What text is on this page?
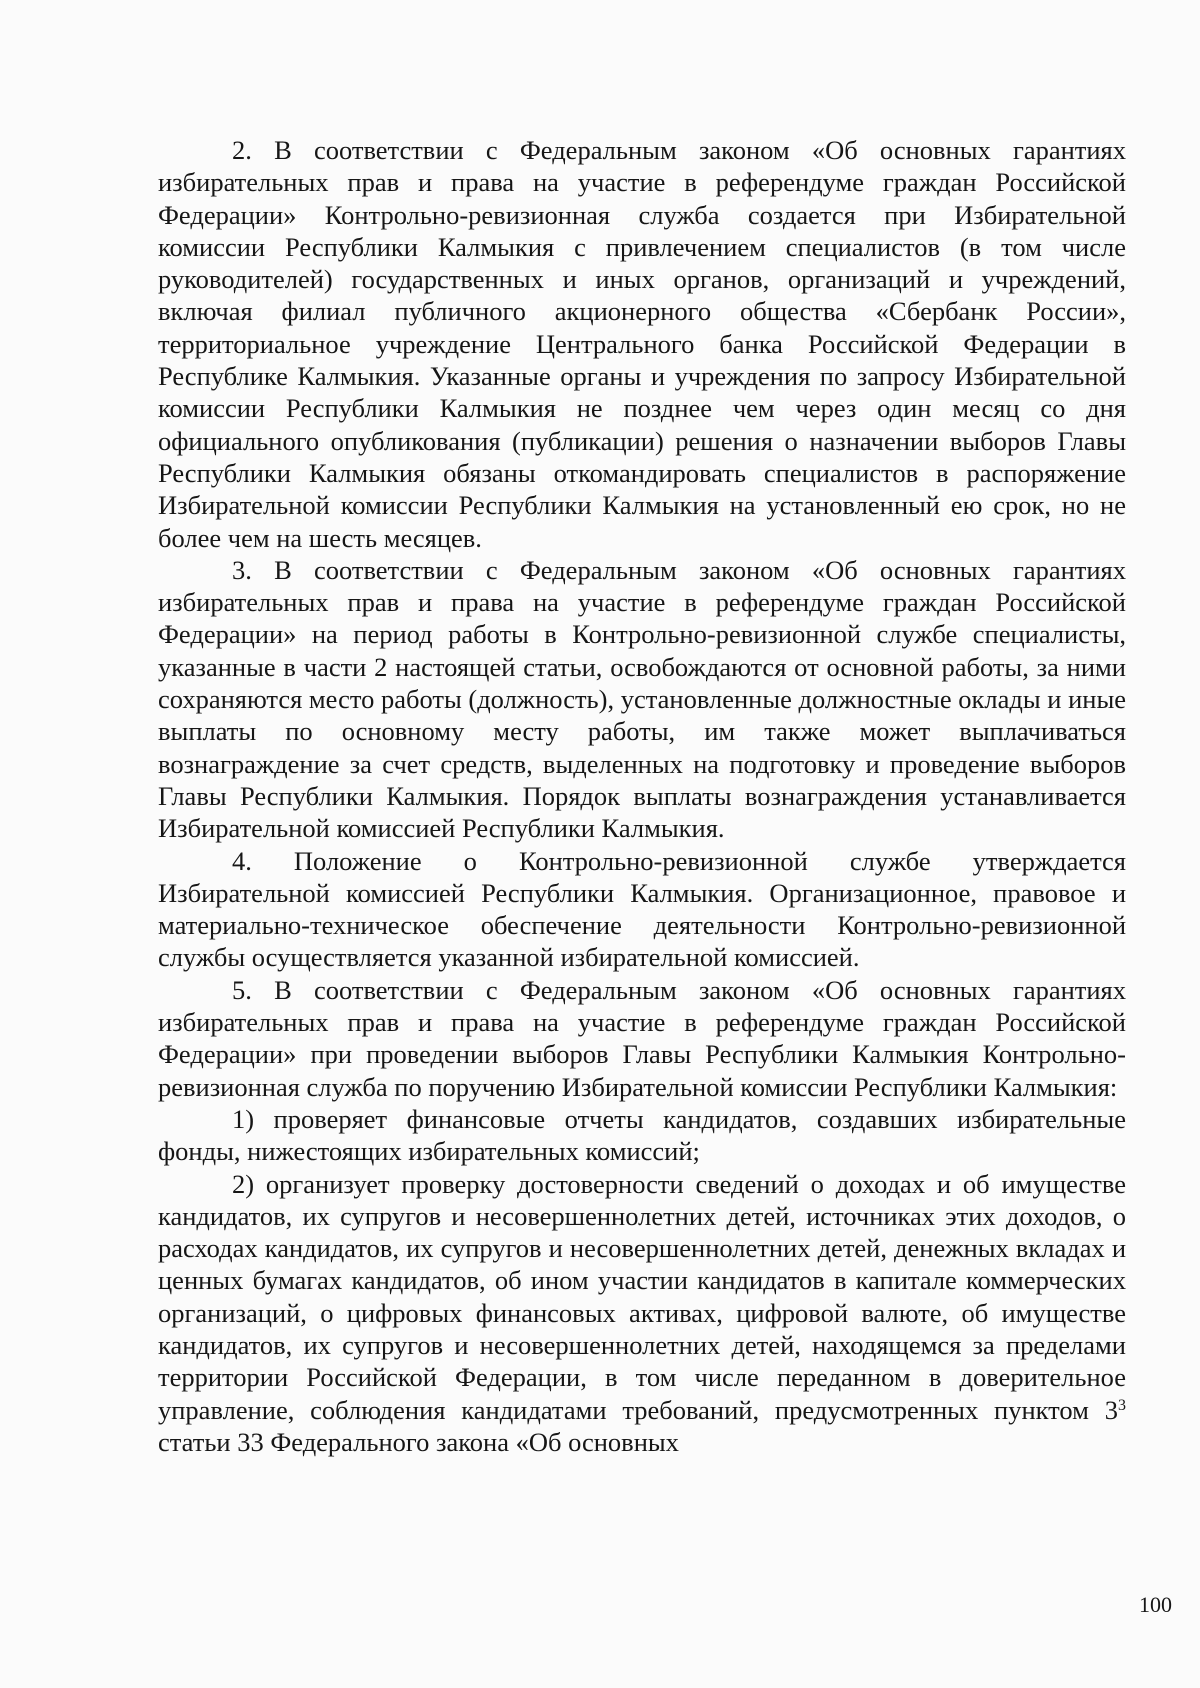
2. В соответствии с Федеральным законом «Об основных гарантиях избирательных прав и права на участие в референдуме граждан Российской Федерации» Контрольно-ревизионная служба создается при Избирательной комиссии Республики Калмыкия с привлечением специалистов (в том числе руководителей) государственных и иных органов, организаций и учреждений, включая филиал публичного акционерного общества «Сбербанк России», территориальное учреждение Центрального банка Российской Федерации в Республике Калмыкия. Указанные органы и учреждения по запросу Избирательной комиссии Республики Калмыкия не позднее чем через один месяц со дня официального опубликования (публикации) решения о назначении выборов Главы Республики Калмыкия обязаны откомандировать специалистов в распоряжение Избирательной комиссии Республики Калмыкия на установленный ею срок, но не более чем на шесть месяцев.

3. В соответствии с Федеральным законом «Об основных гарантиях избирательных прав и права на участие в референдуме граждан Российской Федерации» на период работы в Контрольно-ревизионной службе специалисты, указанные в части 2 настоящей статьи, освобождаются от основной работы, за ними сохраняются место работы (должность), установленные должностные оклады и иные выплаты по основному месту работы, им также может выплачиваться вознаграждение за счет средств, выделенных на подготовку и проведение выборов Главы Республики Калмыкия. Порядок выплаты вознаграждения устанавливается Избирательной комиссией Республики Калмыкия.

4. Положение о Контрольно-ревизионной службе утверждается Избирательной комиссией Республики Калмыкия. Организационное, правовое и материально-техническое обеспечение деятельности Контрольно-ревизионной службы осуществляется указанной избирательной комиссией.

5. В соответствии с Федеральным законом «Об основных гарантиях избирательных прав и права на участие в референдуме граждан Российской Федерации» при проведении выборов Главы Республики Калмыкия Контрольно-ревизионная служба по поручению Избирательной комиссии Республики Калмыкия:

1) проверяет финансовые отчеты кандидатов, создавших избирательные фонды, нижестоящих избирательных комиссий;

2) организует проверку достоверности сведений о доходах и об имуществе кандидатов, их супругов и несовершеннолетних детей, источниках этих доходов, о расходах кандидатов, их супругов и несовершеннолетних детей, денежных вкладах и ценных бумагах кандидатов, об ином участии кандидатов в капитале коммерческих организаций, о цифровых финансовых активах, цифровой валюте, об имуществе кандидатов, их супругов и несовершеннолетних детей, находящемся за пределами территории Российской Федерации, в том числе переданном в доверительное управление, соблюдения кандидатами требований, предусмотренных пунктом $3^3$ статьи 33 Федерального закона «Об основных

100
